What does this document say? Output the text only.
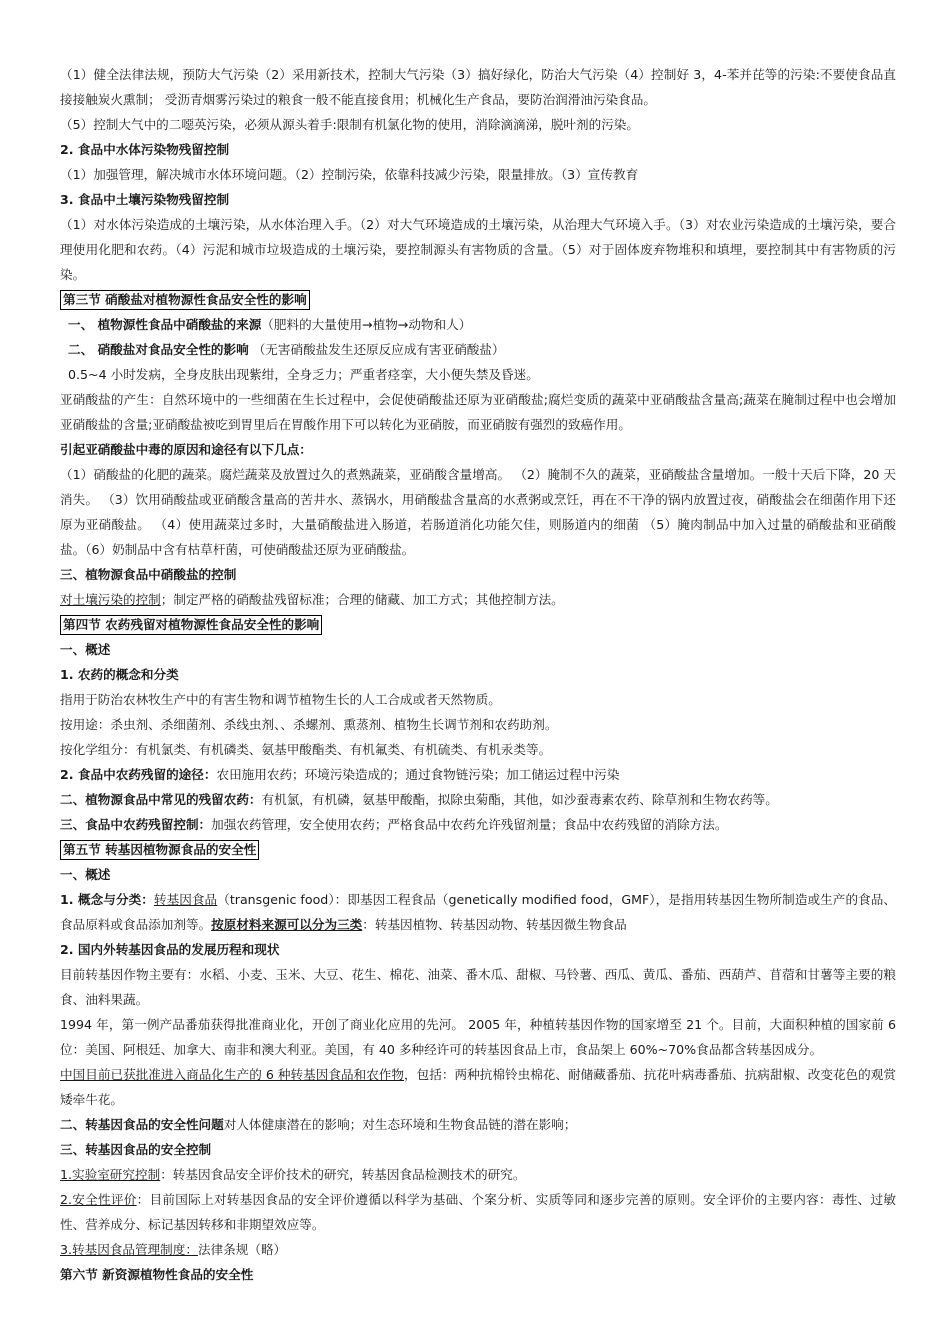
（1）健全法律法规，预防大气污染（2）采用新技术，控制大气污染（3）搞好绿化，防治大气污染（4）控制好 3，4-苯并芘等的污染:不要使食品直接接触炭火熏制； 受沥青烟雾污染过的粮食一般不能直接食用；机械化生产食品，要防治润滑油污染食品。

（5）控制大气中的二噁英污染，必须从源头着手:限制有机氯化物的使用，消除滴滴涕，脱叶剂的污染。

2. 食品中水体污染物残留控制

（1）加强管理，解决城市水体环境问题。（2）控制污染，依靠科技减少污染，限量排放。（3）宣传教育

3. 食品中土壤污染物残留控制

（1）对水体污染造成的土壤污染，从水体治理入手。（2）对大气环境造成的土壤污染，从治理大气环境入手。（3）对农业污染造成的土壤污染，要合理使用化肥和农药。（4）污泥和城市垃圾造成的土壤污染，要控制源头有害物质的含量。（5）对于固体废弃物堆积和填埋，要控制其中有害物质的污染。

第三节 硝酸盐对植物源性食品安全性的影响

一、 植物源性食品中硝酸盐的来源（肥料的大量使用→植物→动物和人）

二、 硝酸盐对食品安全性的影响 （无害硝酸盐发生还原反应成有害亚硝酸盐）

0.5~4 小时发病，全身皮肤出现紫绀，全身乏力；严重者痉挛，大小便失禁及昏迷。

亚硝酸盐的产生：自然环境中的一些细菌在生长过程中，会促使硝酸盐还原为亚硝酸盐;腐烂变质的蔬菜中亚硝酸盐含量高;蔬菜在腌制过程中也会增加亚硝酸盐的含量;亚硝酸盐被吃到胃里后在胃酸作用下可以转化为亚硝胺，而亚硝胺有强烈的致癌作用。

引起亚硝酸盐中毒的原因和途径有以下几点：

（1）硝酸盐的化肥的蔬菜。腐烂蔬菜及放置过久的煮熟蔬菜，亚硝酸含量增高。 （2）腌制不久的蔬菜，亚硝酸盐含量增加。一般十天后下降，20 天消失。 （3）饮用硝酸盐或亚硝酸含量高的苦井水、蒸锅水，用硝酸盐含量高的水煮粥或烹饪，再在不干净的锅内放置过夜，硝酸盐会在细菌作用下还原为亚硝酸盐。 （4）使用蔬菜过多时，大量硝酸盐进入肠道，若肠道消化功能欠佳，则肠道内的细菌 （5）腌肉制品中加入过量的硝酸盐和亚硝酸盐。（6）奶制品中含有枯草杆菌，可使硝酸盐还原为亚硝酸盐。

三、植物源食品中硝酸盐的控制

对土壤污染的控制；制定严格的硝酸盐残留标准；合理的储藏、加工方式；其他控制方法。

第四节 农药残留对植物源性食品安全性的影响

一、概述

1. 农药的概念和分类

指用于防治农林牧生产中的有害生物和调节植物生长的人工合成或者天然物质。

按用途：杀虫剂、杀细菌剂、杀线虫剂、、杀螺剂、熏蒸剂、植物生长调节剂和农药助剂。

按化学组分：有机氯类、有机磷类、氨基甲酸酯类、有机氟类、有机硫类、有机汞类等。

2. 食品中农药残留的途径：农田施用农药；环境污染造成的；通过食物链污染；加工储运过程中污染

二、植物源食品中常见的残留农药：有机氯，有机磷，氨基甲酸酯，拟除虫菊酯，其他，如沙蚕毒素农药、除草剂和生物农药等。

三、食品中农药残留控制：加强农药管理，安全使用农药；严格食品中农药允许残留剂量；食品中农药残留的消除方法。

第五节 转基因植物源食品的安全性

一、概述

1. 概念与分类：转基因食品（transgenic food）：即基因工程食品（genetically modified food，GMF），是指用转基因生物所制造或生产的食品、食品原料或食品添加剂等。按原材料来源可以分为三类：转基因植物、转基因动物、转基因微生物食品

2. 国内外转基因食品的发展历程和现状

目前转基因作物主要有：水稻、小麦、玉米、大豆、花生、棉花、油菜、番木瓜、甜椒、马铃薯、西瓜、黄瓜、番茄、西葫芦、苜蓿和甘薯等主要的粮食、油料果蔬。

1994 年，第一例产品番茄获得批准商业化，开创了商业化应用的先河。 2005 年，种植转基因作物的国家增至 21 个。目前，大面积种植的国家前 6 位：美国、阿根廷、加拿大、南非和澳大利亚。美国，有 40 多种经许可的转基因食品上市，食品架上 60%~70%食品都含转基因成分。

中国目前已获批准进入商品化生产的 6 种转基因食品和农作物，包括：两种抗棉铃虫棉花、耐储藏番茄、抗花叶病毒番茄、抗病甜椒、改变花色的观赏矮牵牛花。

二、转基因食品的安全性问题对人体健康潜在的影响；对生态环境和生物食品链的潜在影响；

三、转基因食品的安全控制

1.实验室研究控制：转基因食品安全评价技术的研究，转基因食品检测技术的研究。

2.安全性评价：目前国际上对转基因食品的安全评价遵循以科学为基础、个案分析、实质等同和逐步完善的原则。安全评价的主要内容：毒性、过敏性、营养成分、标记基因转移和非期望效应等。

3.转基因食品管理制度：法律条规（略）

第六节 新资源植物性食品的安全性
